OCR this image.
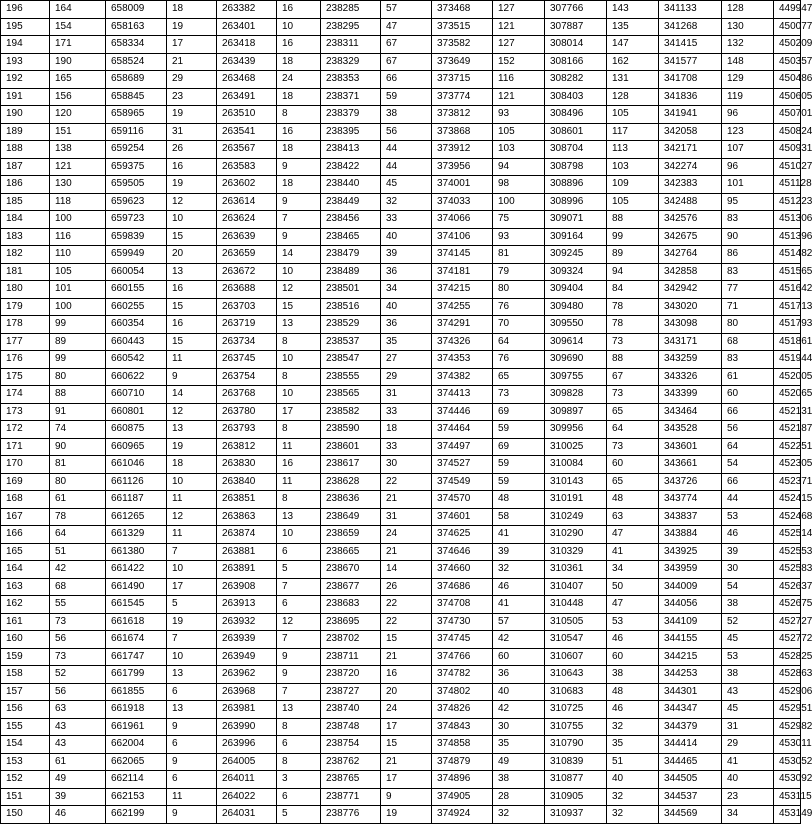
196	164	658009	18	263382	16	238285	57	373468	127	307766	143	341133	128	449947
195	154	658163	19	263401	10	238295	47	373515	121	307887	135	341268	130	450077
194	171	658334	17	263418	16	238311	67	373582	127	308014	147	341415	132	450209
193	190	658524	21	263439	18	238329	67	373649	152	308166	162	341577	148	450357
192	165	658689	29	263468	24	238353	66	373715	116	308282	131	341708	129	450486
191	156	658845	23	263491	18	238371	59	373774	121	308403	128	341836	119	450605
190	120	658965	19	263510	8	238379	38	373812	93	308496	105	341941	96	450701
189	151	659116	31	263541	16	238395	56	373868	105	308601	117	342058	123	450824
188	138	659254	26	263567	18	238413	44	373912	103	308704	113	342171	107	450931
187	121	659375	16	263583	9	238422	44	373956	94	308798	103	342274	96	451027
186	130	659505	19	263602	18	238440	45	374001	98	308896	109	342383	101	451128
185	118	659623	12	263614	9	238449	32	374033	100	308996	105	342488	95	451223
184	100	659723	10	263624	7	238456	33	374066	75	309071	88	342576	83	451306
183	116	659839	15	263639	9	238465	40	374106	93	309164	99	342675	90	451396
182	110	659949	20	263659	14	238479	39	374145	81	309245	89	342764	86	451482
181	105	660054	13	263672	10	238489	36	374181	79	309324	94	342858	83	451565
180	101	660155	16	263688	12	238501	34	374215	80	309404	84	342942	77	451642
179	100	660255	15	263703	15	238516	40	374255	76	309480	78	343020	71	451713
178	99	660354	16	263719	13	238529	36	374291	70	309550	78	343098	80	451793
177	89	660443	15	263734	8	238537	35	374326	64	309614	73	343171	68	451861
176	99	660542	11	263745	10	238547	27	374353	76	309690	88	343259	83	451944
175	80	660622	9	263754	8	238555	29	374382	65	309755	67	343326	61	452005
174	88	660710	14	263768	10	238565	31	374413	73	309828	73	343399	60	452065
173	91	660801	12	263780	17	238582	33	374446	69	309897	65	343464	66	452131
172	74	660875	13	263793	8	238590	18	374464	59	309956	64	343528	56	452187
171	90	660965	19	263812	11	238601	33	374497	69	310025	73	343601	64	452251
170	81	661046	18	263830	16	238617	30	374527	59	310084	60	343661	54	452305
169	80	661126	10	263840	11	238628	22	374549	59	310143	65	343726	66	452371
168	61	661187	11	263851	8	238636	21	374570	48	310191	48	343774	44	452415
167	78	661265	12	263863	13	238649	31	374601	58	310249	63	343837	53	452468
166	64	661329	11	263874	10	238659	24	374625	41	310290	47	343884	46	452514
165	51	661380	7	263881	6	238665	21	374646	39	310329	41	343925	39	452553
164	42	661422	10	263891	5	238670	14	374660	32	310361	34	343959	30	452583
163	68	661490	17	263908	7	238677	26	374686	46	310407	50	344009	54	452637
162	55	661545	5	263913	6	238683	22	374708	41	310448	47	344056	38	452675
161	73	661618	19	263932	12	238695	22	374730	57	310505	53	344109	52	452727
160	56	661674	7	263939	7	238702	15	374745	42	310547	46	344155	45	452772
159	73	661747	10	263949	9	238711	21	374766	60	310607	60	344215	53	452825
158	52	661799	13	263962	9	238720	16	374782	36	310643	38	344253	38	452863
157	56	661855	6	263968	7	238727	20	374802	40	310683	48	344301	43	452906
156	63	661918	13	263981	13	238740	24	374826	42	310725	46	344347	45	452951
155	43	661961	9	263990	8	238748	17	374843	30	310755	32	344379	31	452982
154	43	662004	6	263996	6	238754	15	374858	35	310790	35	344414	29	453011
153	61	662065	9	264005	8	238762	21	374879	49	310839	51	344465	41	453052
152	49	662114	6	264011	3	238765	17	374896	38	310877	40	344505	40	453092
151	39	662153	11	264022	6	238771	9	374905	28	310905	32	344537	23	453115
150	46	662199	9	264031	5	238776	19	374924	32	310937	32	344569	34	453149
